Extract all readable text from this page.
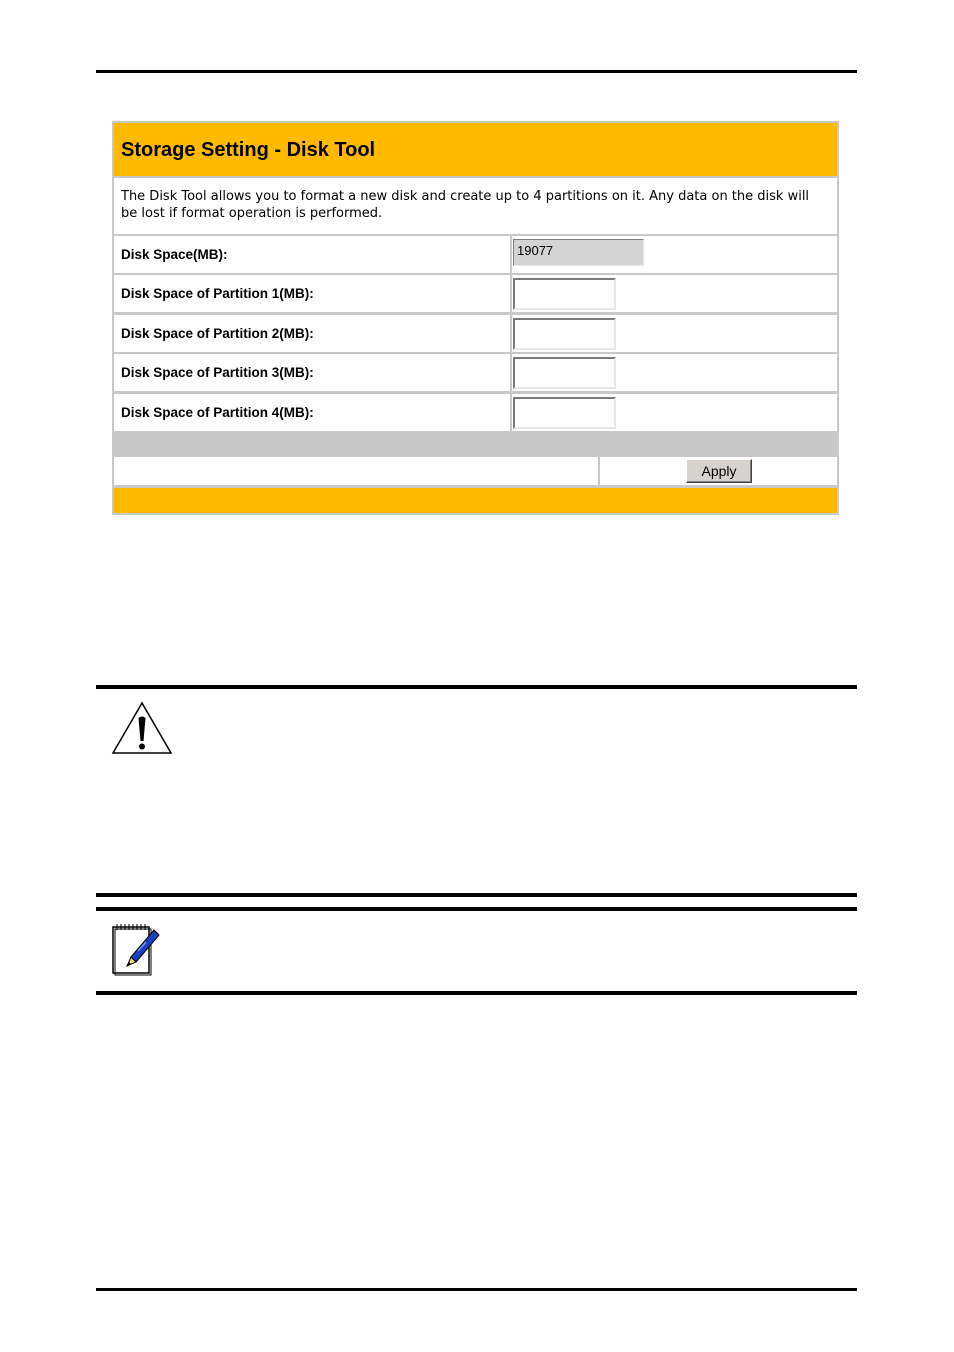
Storage Setting - Disk Tool
The Disk Tool allows you to format a new disk and create up to 4 partitions on it. Any data on the disk will be lost if format operation is performed.
Disk Space(MB):	19077
Disk Space of Partition 1(MB):
Disk Space of Partition 2(MB):
Disk Space of Partition 3(MB):
Disk Space of Partition 4(MB):
Apply
